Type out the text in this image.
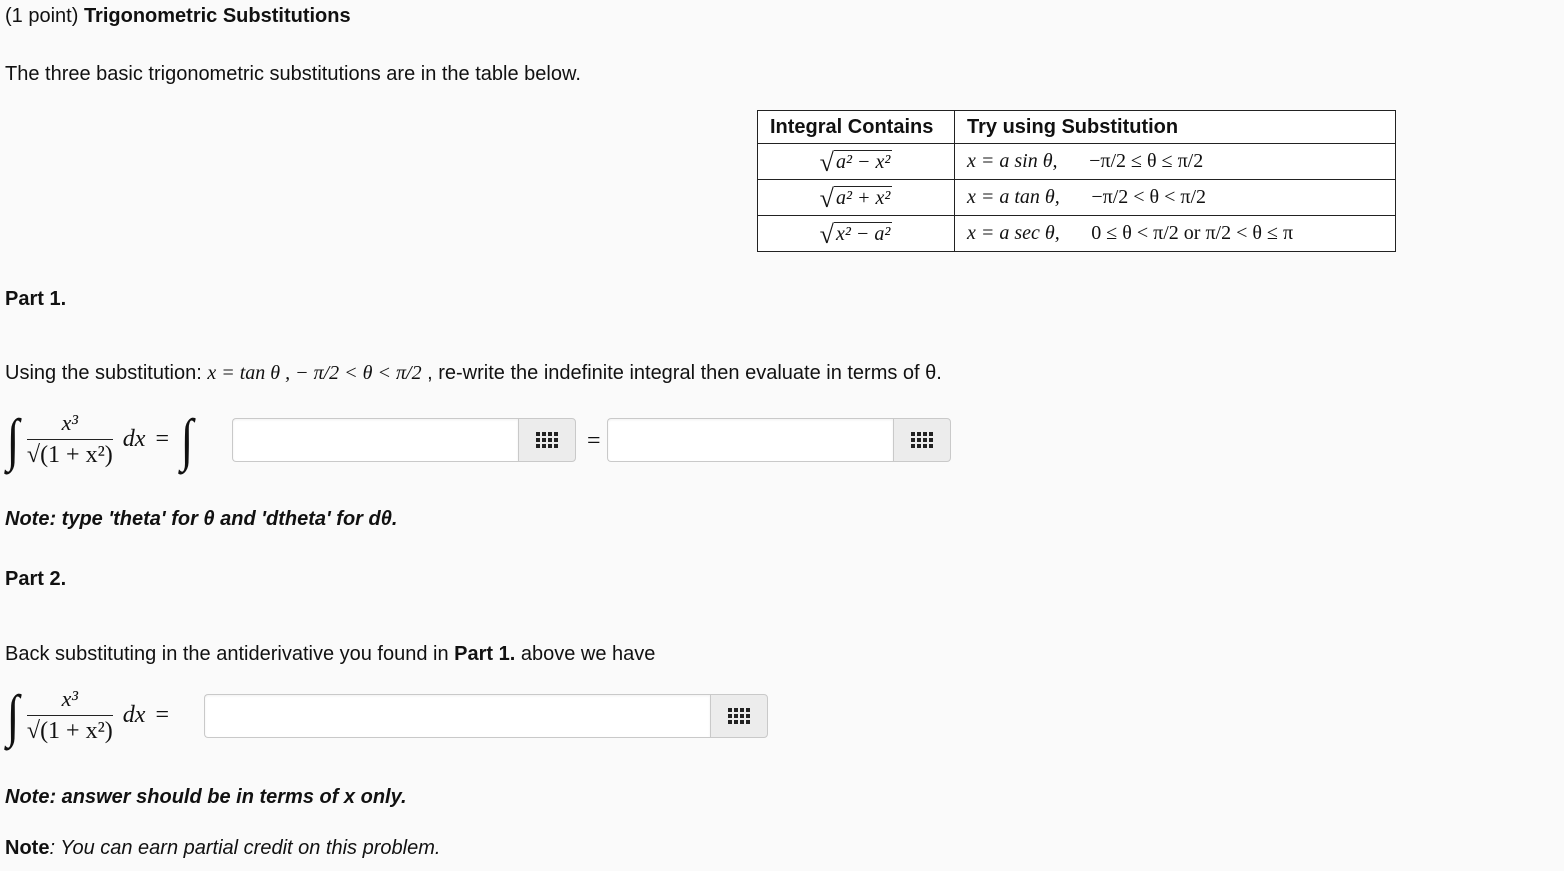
(1 point) Trigonometric Substitutions
The three basic trigonometric substitutions are in the table below.
Integral Contains	Try using Substitution

√ a² − x²	x = a sin θ, −π/2 ≤ θ ≤ π/2

√ a² + x²	x = a tan θ, −π/2 < θ < π/2

√ x² − a²	x = a sec θ, 0 ≤ θ < π/2 or π/2 < θ ≤ π
Part 1.
Using the substitution: x = tan θ , − π/2 < θ < π/2 , re-write the indefinite integral then evaluate in terms of θ.
∫ $\frac{\text{x³}}{\text{√(1 + x²)}}$ dx = ∫	=
Note: type 'theta' for θ and 'dtheta' for dθ.
Part 2.
Back substituting in the antiderivative you found in Part 1. above we have
∫ $\frac{\text{x³}}{\text{√(1 + x²)}}$ dx =
Note: answer should be in terms of x only.
Note: You can earn partial credit on this problem.
